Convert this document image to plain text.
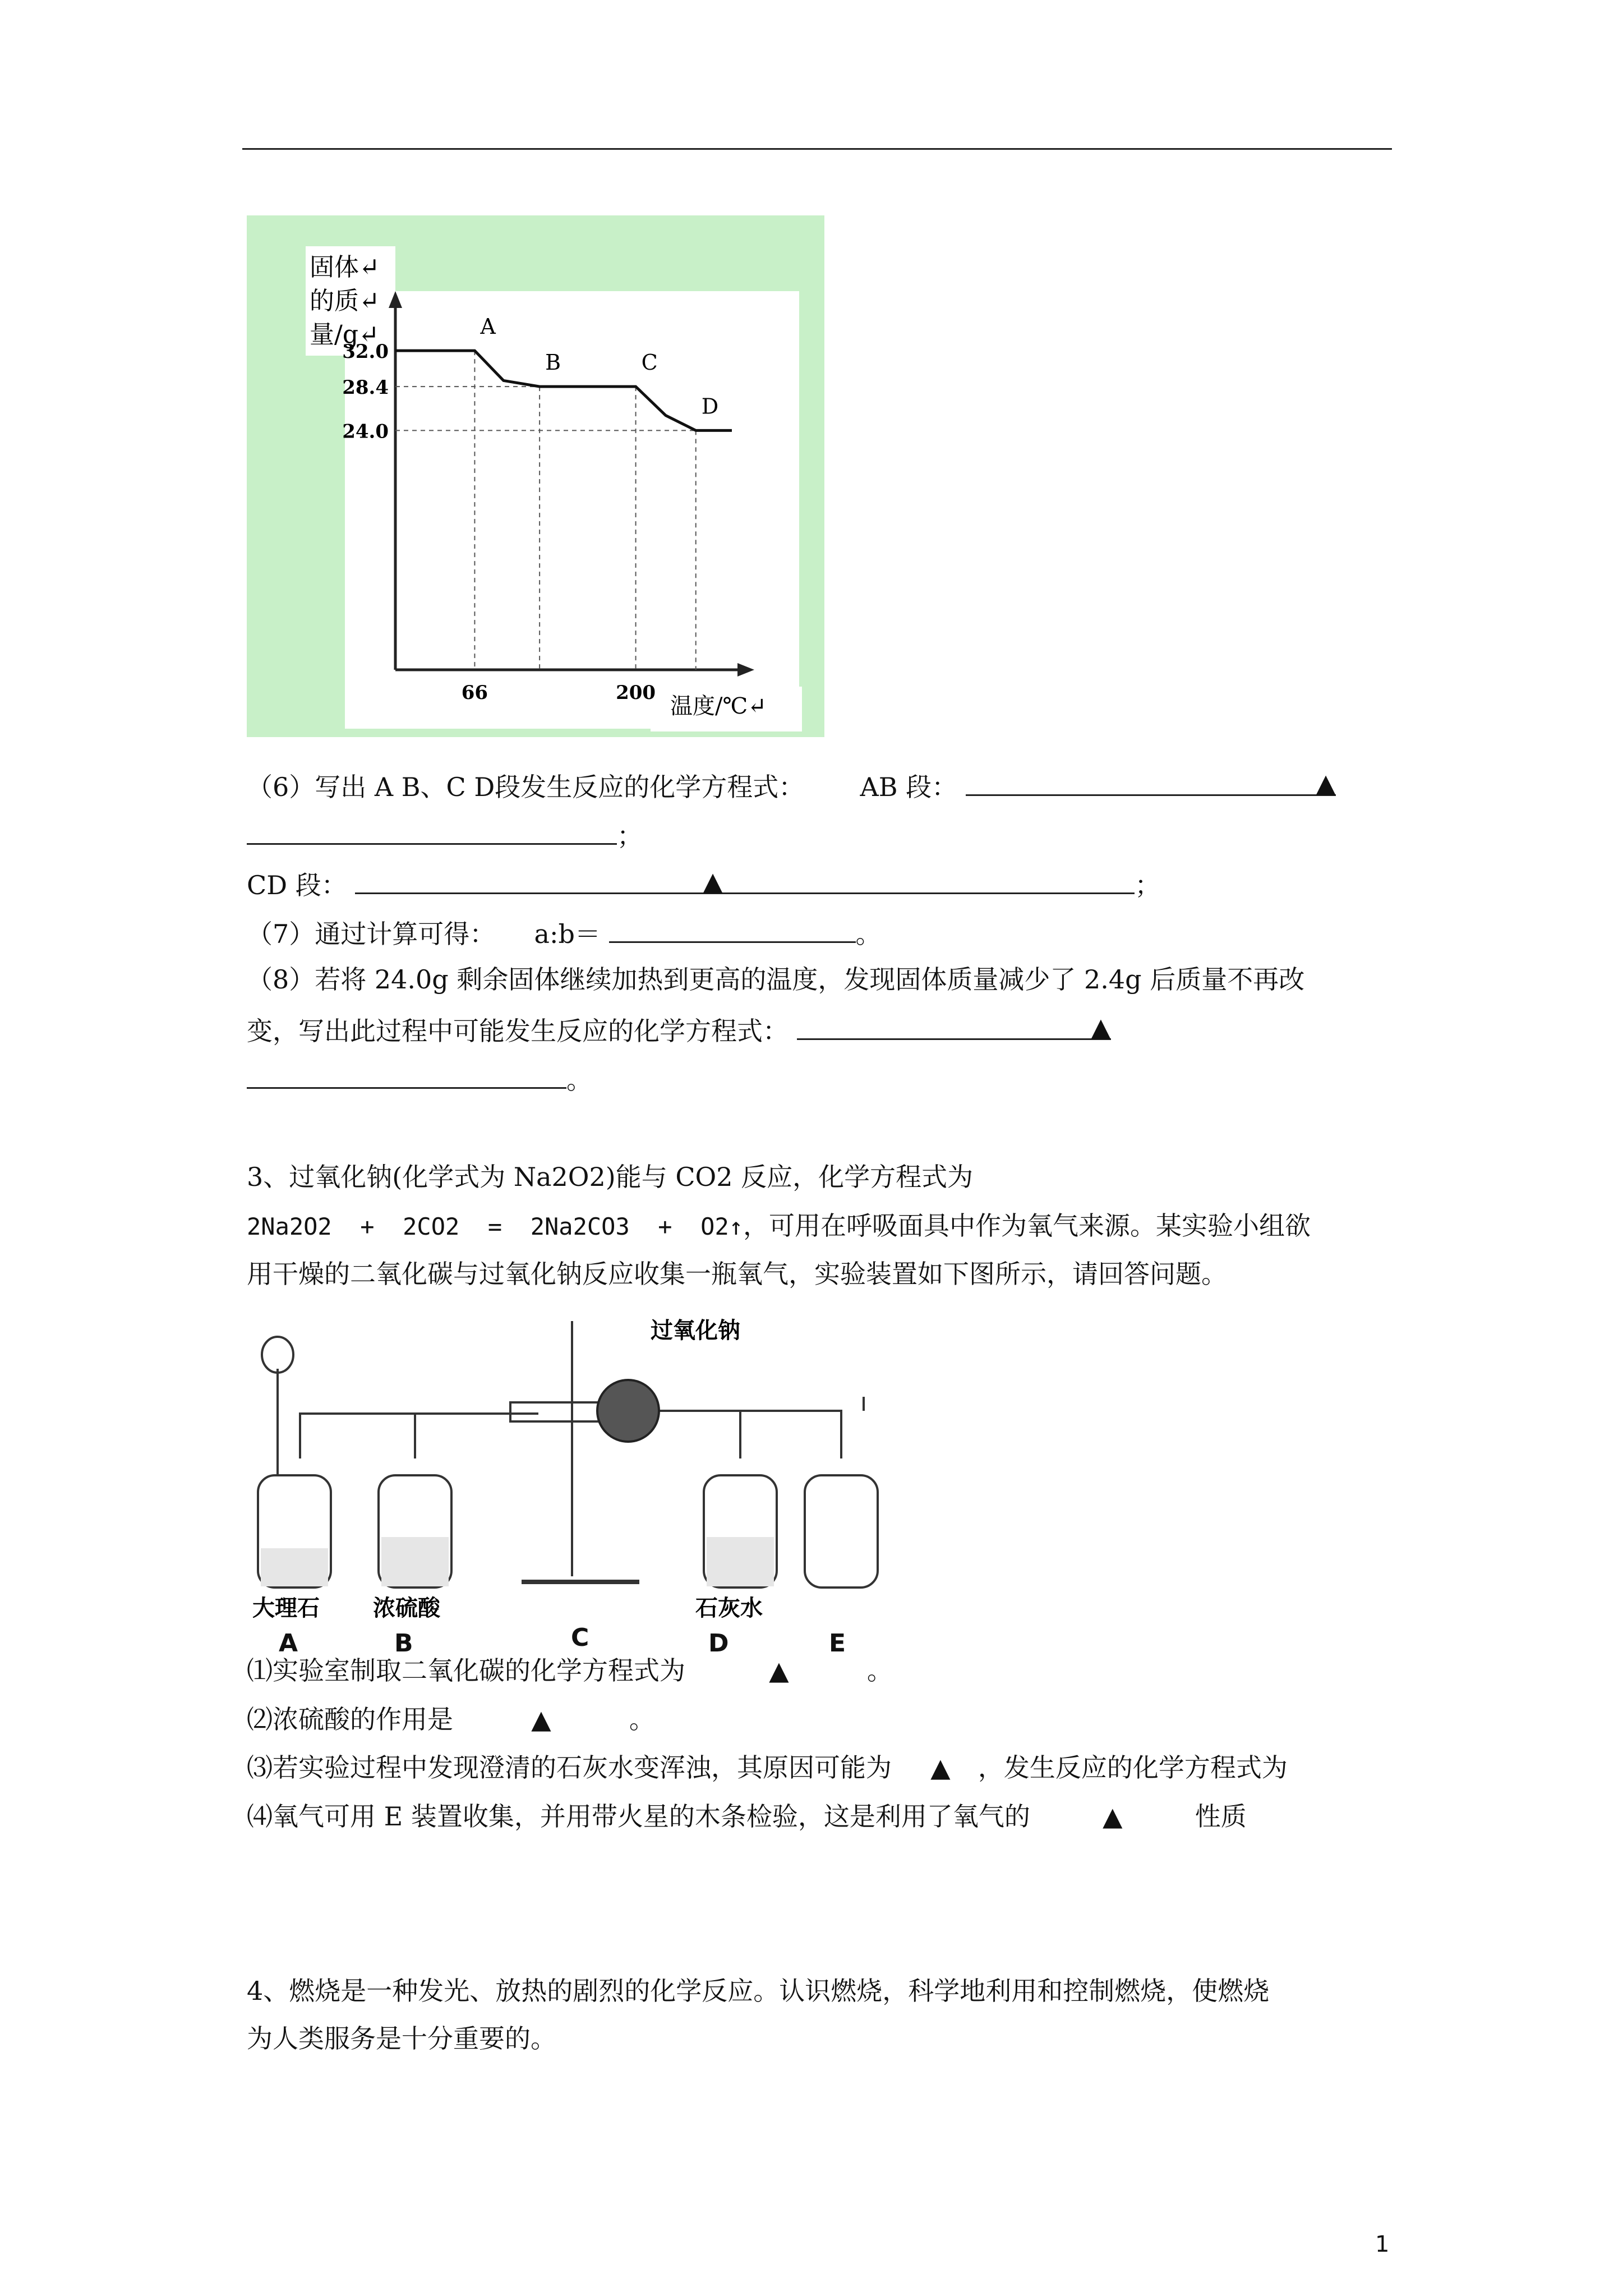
固体↵
的质↵
量/g↵
32.0
28.4
24.0
66	200
A
B	C
D
温度/℃↵
（6）写出 A B、C D段发生反应的化学方程式： AB 段：	▲
；
CD 段：	▲	；
（7）通过计算可得： a:b＝	。
（8）若将 24.0g 剩余固体继续加热到更高的温度，发现固体质量减少了 2.4g 后质量不再改
变，写出此过程中可能发生反应的化学方程式：	▲
。
3、过氧化钠(化学式为 Na2O2)能与 CO2 反应，化学方程式为
2Na2O2  +  2CO2  =  2Na2CO3  +  O2↑，可用在呼吸面具中作为氧气来源。某实验小组欲
用干燥的二氧化碳与过氧化钠反应收集一瓶氧气，实验装置如下图所示，请回答问题。
过氧化钠
大理石 浓硫酸	石灰水
A	B	C	D	E
⑴实验室制取二氧化碳的化学方程式为	▲	。
⑵浓硫酸的作用是	▲	。
⑶若实验过程中发现澄清的石灰水变浑浊，其原因可能为 ▲ ，发生反应的化学方程式为
⑷氧气可用 E 装置收集，并用带火星的木条检验，这是利用了氧气的	▲	性质
4、燃烧是一种发光、放热的剧烈的化学反应。认识燃烧，科学地利用和控制燃烧，使燃烧
为人类服务是十分重要的。
1
